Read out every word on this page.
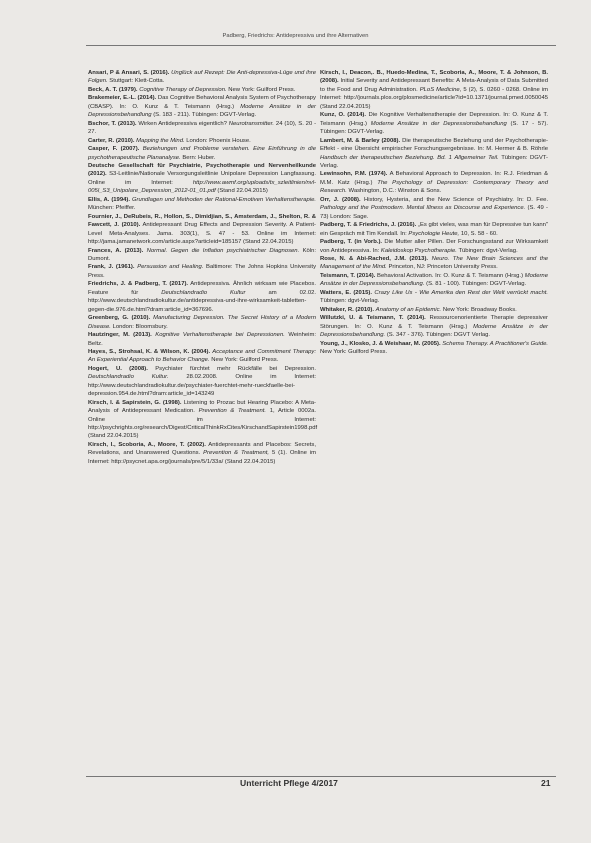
Padberg, Friedrichs: Antidepressiva und ihre Alternativen

Ansari, P & Ansari, S. (2016). Unglück auf Rezept: Die Anti-depressiva-Lüge und ihre Folgen. Stuttgart: Klett-Cotta.

Beck, A. T. (1979). Cognitive Therapy of Depression. New York: Guilford Press.

Brakemeier, E.-L. (2014). Das Cognitive Behavioral Analysis System of Psychotherapy (CBASP). In: O. Kunz & T. Teismann (Hrsg.) Moderne Ansätze in der Depressionsbehandlung (S. 183 - 211). Tübingen: DGVT-Verlag.

Bschor, T. (2013). Wirken Antidepressiva eigentlich? Neurotransmitter. 24 (10), S. 20 - 27.

Carter, R. (2010). Mapping the Mind. London: Phoenix House.

Casper, F. (2007). Beziehungen und Probleme verstehen. Eine Einführung in die psychotherapeutische Plananalyse. Bern: Huber.

Deutsche Gesellschaft für Psychiatrie, Psychotherapie und Nervenheilkunde (2012). S3-Leitlinie/Nationale Versorgungsleitlinie Unipolare Depression Langfassung. Online im Internet:	http://www.awmf.org/uploads/tx_szleitlinien/nvl-005l_S3_Unipolare_Depression_2012-01_01.pdf (Stand 22.04.2015)

Ellis, A. (1994). Grundlagen und Methoden der Rational-Emotiven Verhaltenstherapie. München: Pfeiffer.

Fournier, J., DeRubeis, R., Hollon, S., Dimidjian, S., Amsterdam, J., Shelton, R. & Fawcett, J. (2010). Antidepressant Drug Effects and Depression Severity. A Patient-Level Meta-Analyses. Jama. 303(1), S. 47 - 53. Online im Internet: http://jama.jamanetwork.com/article.aspx?articleid=185157 (Stand 22.04.2015)

Frances, A. (2013). Normal. Gegen die Inflation psychiatrischer Diagnosen. Köln: Dumont.

Frank, J. (1961). Persuasion and Healing. Baltimore: The Johns Hopkins University Press.

Friedrichs, J. & Padberg, T. (2017). Antidepressiva. Ähnlich wirksam wie Placebos. Feature für	Deutschlandradio Kultur	am 02.02. http://www.deutschlandradiokultur.de/antidepressiva-und-ihre-wirksamkeit-tabletten-gegen-die.976.de.html?dram:article_id=367696.

Greenberg, G. (2010). Manufacturing Depression. The Secret History of a Modern Disease. London: Bloomsbury.

Hautzinger, M. (2013). Kognitive Verhaltenstherapie bei Depressionen. Weinheim: Beltz.

Hayes, S., Strohsal, K. & Wilson, K. (2004). Acceptance and Commitment Therapy: An Experiential Approach to Behavior Change. New York: Guilford Press.

Hogert, U. (2008). Psychiater fürchtet mehr Rückfälle bei Depression. Deutschlandradio Kultur.	28.02.2008. Online im Internet: http://www.deutschlandradiokultur.de/psychiater-fuerchtet-mehr-rueckfaelle-bei-depression.954.de.html?dram:article_id=143249

Kirsch, I. & Sapirstein, G. (1998). Listening to Prozac but Hearing Placebo: A Meta-Analysis of Antidepressant Medication. Prevention & Treatment. 1, Article 0002a. Online im Internet: http://psychrights.org/research/Digest/CriticalThinkRxCites/KirschandSapirstein1998.pdf (Stand 22.04.2015)

Kirsch, I., Scoboria, A., Moore, T. (2002). Antidepressants and Placebos: Secrets, Revelations, and Unanswered Questions. Prevention & Treatment, 5 (1). Online im Internet: http://psycnet.apa.org/journals/pre/5/1/33a/ (Stand 22.04.2015)

Kirsch, I., Deacon,. B., Huedo-Medina, T., Scoboria, A., Moore, T. & Johnson, B. (2008). Initial Severity and Antidepressant Benefits: A Meta-Analysis of Data Submitted to the Food and Drug Administration. PLoS Medicine, 5 (2), S. 0260 - 0268. Online im Internet: http://journals.plos.org/plosmedicine/article?id=10.1371/journal.pmed.0050045 (Stand 22.04.2015)

Kunz, O. (2014). Die Kognitive Verhaltenstherapie der Depression. In: O. Kunz & T. Teismann (Hrsg.) Moderne Ansätze in der Depressionsbehandlung (S. 17 - 57). Tübingen: DGVT-Verlag.

Lambert, M. & Barley (2008). Die therapeutische Beziehung und der Psychotherapie-Effekt - eine Übersicht empirischer Forschungsergebnisse. In: M. Hermer & B. Röhrle Handbuch der therapeutischen Beziehung. Bd. 1 Allgemeiner Teil. Tübingen: DGVT-Verlag.

Lewinsohn, P.M. (1974). A Behavioral Approach to Depression. In: R.J. Friedman & M.M. Katz (Hrsg.) The Psychology of Depression: Contemporary Theory and Research. Washington, D.C.: Winston & Sons.

Orr, J. (2008). History, Hysteria, and the New Science of Psychiatry. In: D. Fee. Pathology and the Postmodern. Mental Illness as Discourse and Experience. (S. 49 - 73) London: Sage.

Padberg, T. & Friedrichs, J. (2016). „Es gibt vieles, was man für Depressive tun kann" ein Gespräch mit Tim Kendall. In: Psychologie Heute, 10, S. 58 - 60.

Padberg, T. (in Vorb.). Die Mutter aller Pillen. Der Forschungsstand zur Wirksamkeit von Antidepressiva. In: Kaleidoskop Psychotherapie. Tübingen: dgvt-Verlag.

Rose, N. & Abi-Rached, J.M. (2013). Neuro. The New Brain Sciences and the Management of the Mind. Princeton, NJ: Princeton University Press.

Teismann, T. (2014). Behavioral Activation. In: O. Kunz & T. Teismann (Hrsg.) Moderne Ansätze in der Depressionsbehandlung. (S. 81 - 100). Tübingen: DGVT-Verlag.

Watters, E. (2015). Crazy Like Us - Wie Amerika den Rest der Welt verrückt macht. Tübingen: dgvt-Verlag.

Whitaker, R. (2010). Anatomy of an Epidemic. New York: Broadway Books.

Willutzki, U. & Teismann, T. (2014). Ressourcenorientierte Therapie depressiver Störungen. In: O. Kunz & T. Teismann (Hrsg.) Moderne Ansätze in der Depressionsbehandlung. (S. 347 - 376). Tübingen: DGVT Verlag.

Young, J., Klosko, J. & Weishaar, M. (2005). Schema Therapy. A Practitioner's Guide. New York: Guilford Press.

Unterricht Pflege 4/2017	21
